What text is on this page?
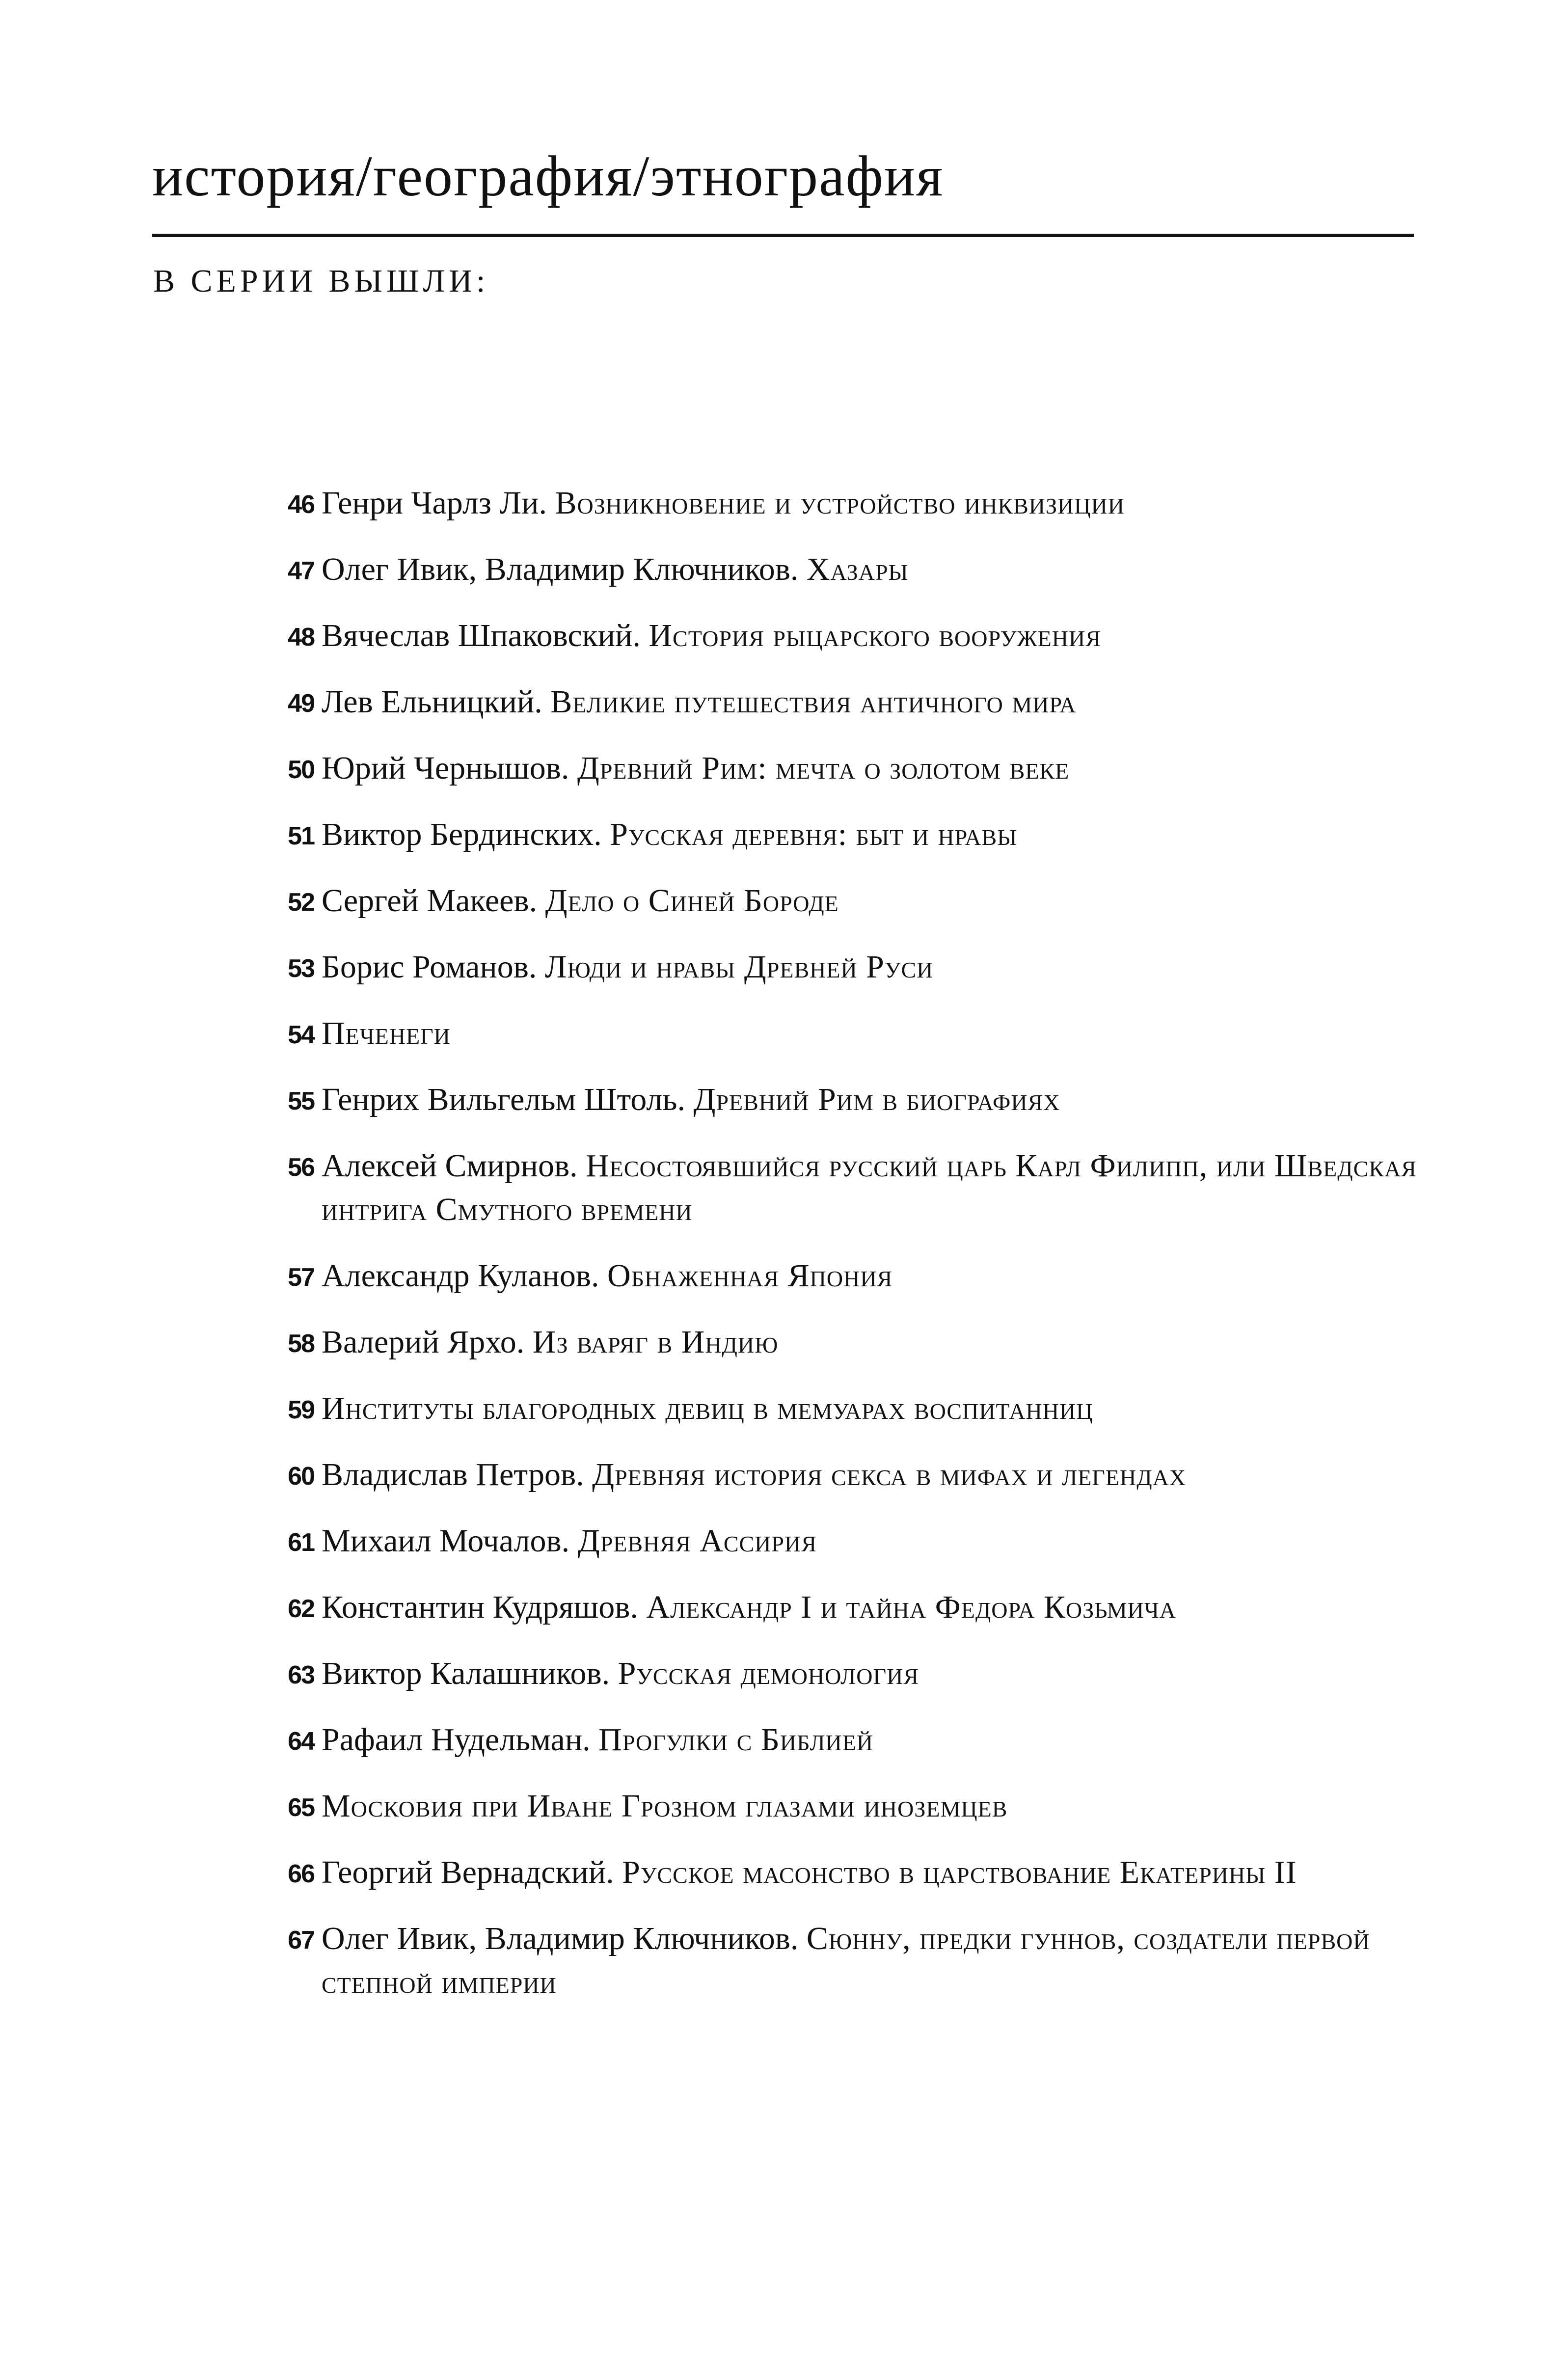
история/география/этнография
В СЕРИИ ВЫШЛИ:
46 Генри Чарлз Ли. Возникновение и устройство инквизиции
47 Олег Ивик, Владимир Ключников. Хазары
48 Вячеслав Шпаковский. История рыцарского вооружения
49 Лев Ельницкий. Великие путешествия античного мира
50 Юрий Чернышов. Древний Рим: мечта о золотом веке
51 Виктор Бердинских. Русская деревня: быт и нравы
52 Сергей Макеев. Дело о Синей Бороде
53 Борис Романов. Люди и нравы Древней Руси
54 Печенеги
55 Генрих Вильгельм Штоль. Древний Рим в биографиях
56 Алексей Смирнов. Несостоявшийся русский царь Карл Филипп, или Шведская интрига Смутного времени
57 Александр Куланов. Обнаженная Япония
58 Валерий Ярхо. Из варяг в Индию
59 Институты благородных девиц в мемуарах воспитанниц
60 Владислав Петров. Древняя история секса в мифах и легендах
61 Михаил Мочалов. Древняя Ассирия
62 Константин Кудряшов. Александр I и тайна Федора Козьмича
63 Виктор Калашников. Русская демонология
64 Рафаил Нудельман. Прогулки с Библией
65 Московия при Иване Грозном глазами иноземцев
66 Георгий Вернадский. Русское масонство в царствование Екатерины II
67 Олег Ивик, Владимир Ключников. Сюнну, предки гуннов, создатели первой степной империи
